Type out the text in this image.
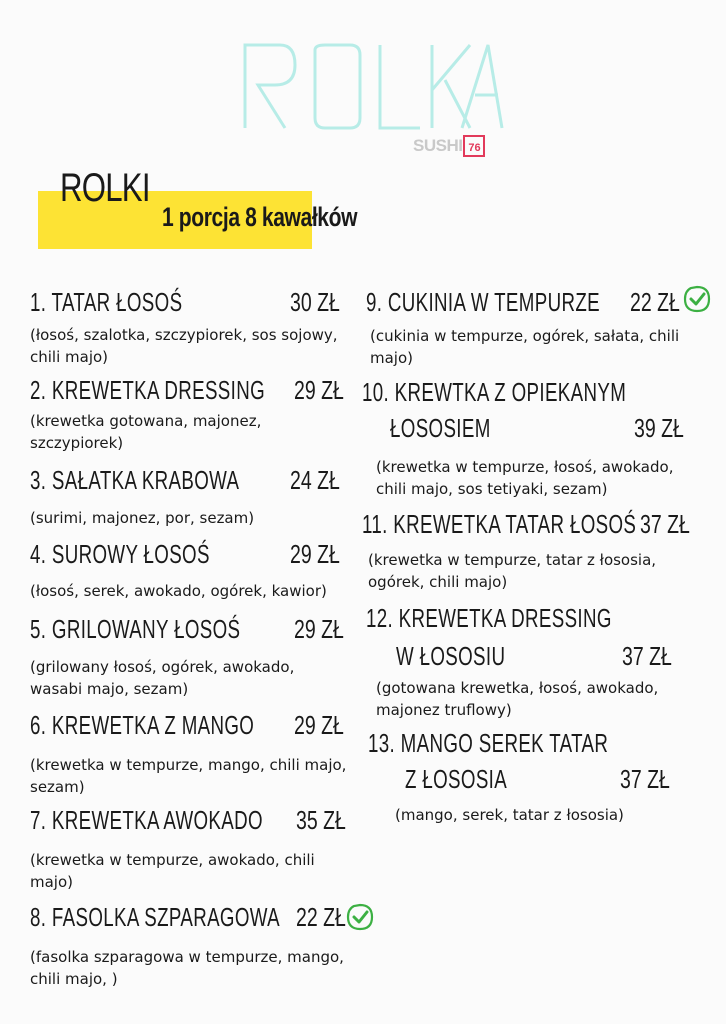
SUSHI 76
ROLKI
1 porcja 8 kawałków
1. TATAR ŁOSOŚ	30 ZŁ
(łosoś, szalotka, szczypiorek, sos sojowy, chili majo)
2. KREWETKA DRESSING 29 ZŁ
(krewetka gotowana, majonez, szczypiorek)
3. SAŁATKA KRABOWA 24 ZŁ
(surimi, majonez, por, sezam)
4. SUROWY ŁOSOŚ	29 ZŁ
(łosoś, serek, awokado, ogórek, kawior)
5. GRILOWANY ŁOSOŚ 29 ZŁ
(grilowany łosoś, ogórek, awokado, wasabi majo, sezam)
6. KREWETKA Z MANGO 29 ZŁ
(krewetka w tempurze, mango, chili majo, sezam)
7. KREWETKA AWOKADO 35 ZŁ
(krewetka w tempurze, awokado, chili majo)
8. FASOLKA SZPARAGOWA 22 ZŁ
(fasolka szparagowa w tempurze, mango, chili majo, )
9. CUKINIA W TEMPURZE 22 ZŁ
(cukinia w tempurze, ogórek, sałata, chili majo)
10. KREWTKA Z OPIEKANYM
ŁOSOSIEM	39 ZŁ
(krewetka w tempurze, łosoś, awokado, chili majo, sos tetiyaki, sezam)
11. KREWETKA TATAR ŁOSOŚ 37 ZŁ
(krewetka w tempurze, tatar z łososia, ogórek, chili majo)
12. KREWETKA DRESSING
W ŁOSOSIU	37 ZŁ
(gotowana krewetka, łosoś, awokado, majonez truflowy)
13. MANGO SEREK TATAR
Z ŁOSOSIA	37 ZŁ
(mango, serek, tatar z łososia)
